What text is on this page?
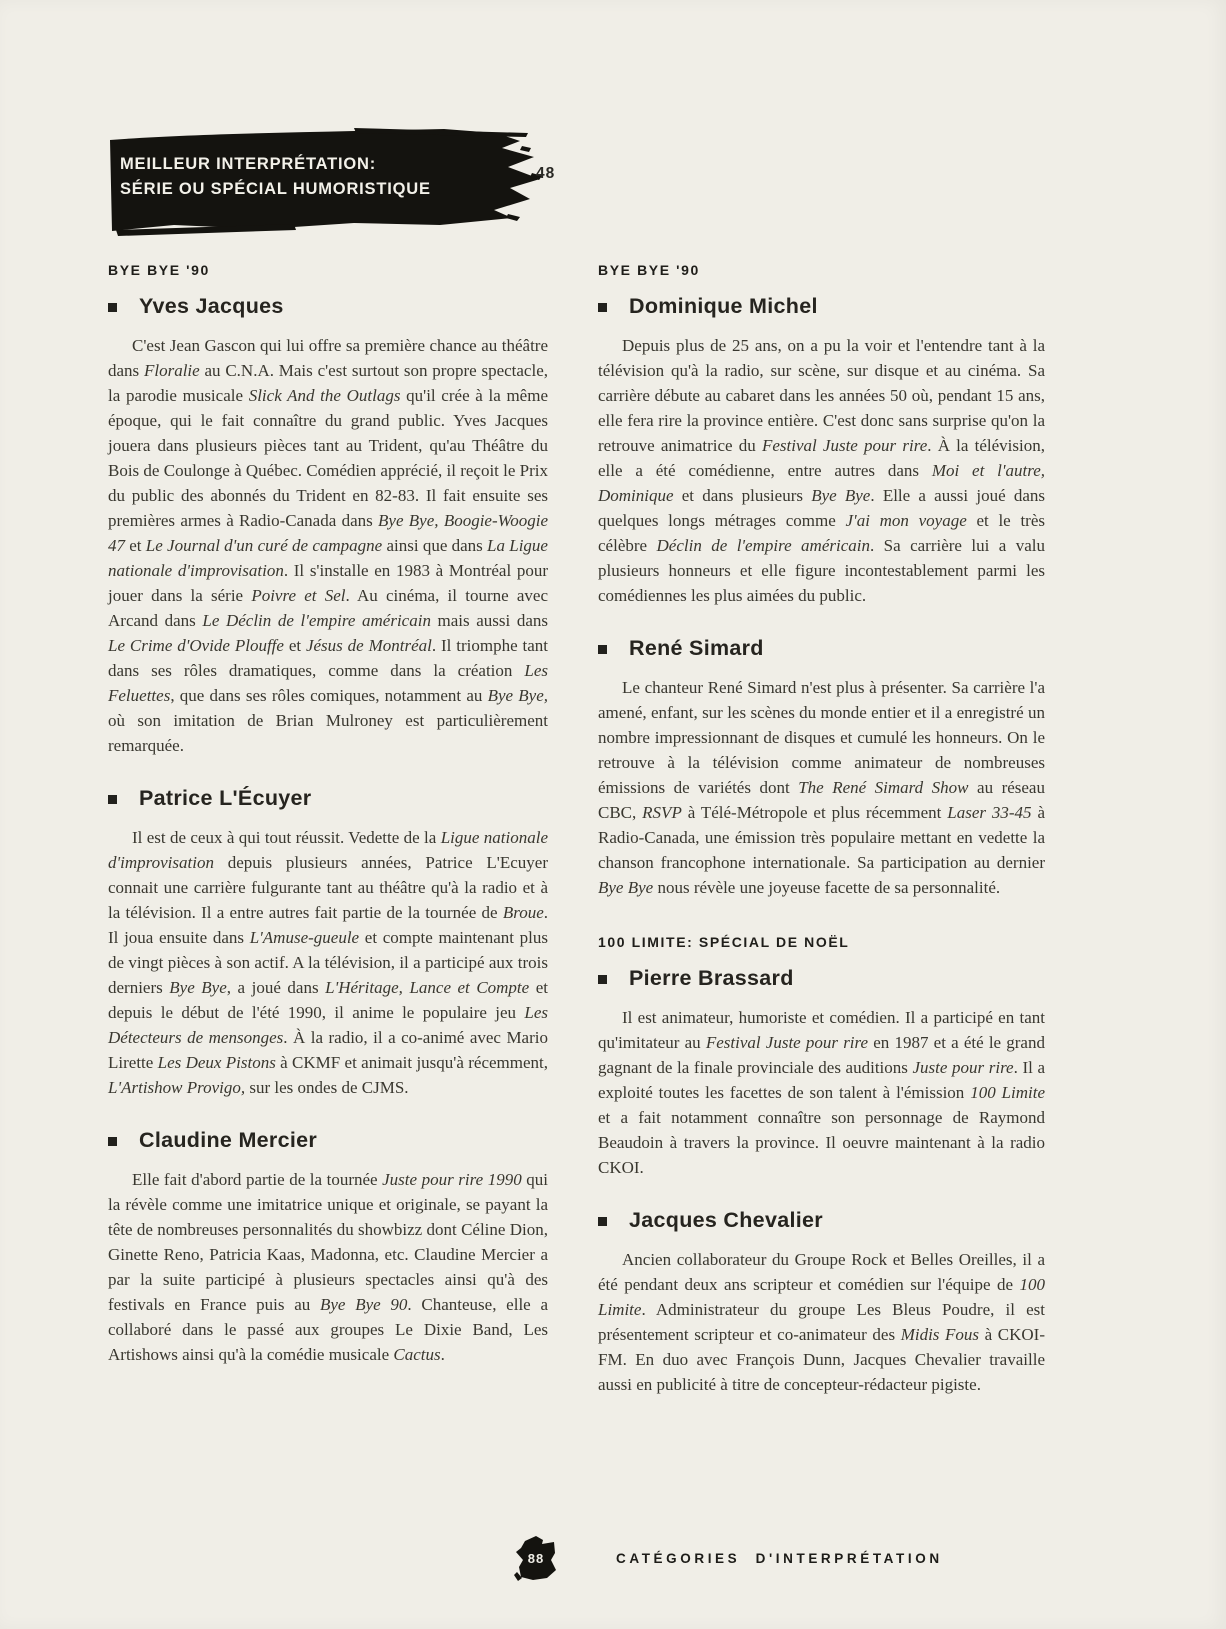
MEILLEUR INTERPRÉTATION:
SÉRIE OU SPÉCIAL HUMORISTIQUE
48
BYE BYE '90
Yves Jacques

C'est Jean Gascon qui lui offre sa première chance au théâtre dans Floralie au C.N.A. Mais c'est surtout son propre spectacle, la parodie musicale Slick And the Outlags qu'il crée à la même époque, qui le fait connaître du grand public. Yves Jacques jouera dans plusieurs pièces tant au Trident, qu'au Théâtre du Bois de Coulonge à Québec. Comédien apprécié, il reçoit le Prix du public des abonnés du Trident en 82-83. Il fait ensuite ses premières armes à Radio-Canada dans Bye Bye, Boogie-Woogie 47 et Le Journal d'un curé de campagne ainsi que dans La Ligue nationale d'improvisation. Il s'installe en 1983 à Montréal pour jouer dans la série Poivre et Sel. Au cinéma, il tourne avec Arcand dans Le Déclin de l'empire américain mais aussi dans Le Crime d'Ovide Plouffe et Jésus de Montréal. Il triomphe tant dans ses rôles dramatiques, comme dans la création Les Feluettes, que dans ses rôles comiques, notamment au Bye Bye, où son imitation de Brian Mulroney est particulièrement remarquée.

Patrice L'Écuyer

Il est de ceux à qui tout réussit. Vedette de la Ligue nationale d'improvisation depuis plusieurs années, Patrice L'Ecuyer connait une carrière fulgurante tant au théâtre qu'à la radio et à la télévision. Il a entre autres fait partie de la tournée de Broue. Il joua ensuite dans L'Amuse-gueule et compte maintenant plus de vingt pièces à son actif. A la télévision, il a participé aux trois derniers Bye Bye, a joué dans L'Héritage, Lance et Compte et depuis le début de l'été 1990, il anime le populaire jeu Les Détecteurs de mensonges. À la radio, il a co-animé avec Mario Lirette Les Deux Pistons à CKMF et animait jusqu'à récemment, L'Artishow Provigo, sur les ondes de CJMS.

Claudine Mercier

Elle fait d'abord partie de la tournée Juste pour rire 1990 qui la révèle comme une imitatrice unique et originale, se payant la tête de nombreuses personnalités du showbizz dont Céline Dion, Ginette Reno, Patricia Kaas, Madonna, etc. Claudine Mercier a par la suite participé à plusieurs spectacles ainsi qu'à des festivals en France puis au Bye Bye 90. Chanteuse, elle a collaboré dans le passé aux groupes Le Dixie Band, Les Artishows ainsi qu'à la comédie musicale Cactus.

BYE BYE '90
Dominique Michel

Depuis plus de 25 ans, on a pu la voir et l'entendre tant à la télévision qu'à la radio, sur scène, sur disque et au cinéma. Sa carrière débute au cabaret dans les années 50 où, pendant 15 ans, elle fera rire la province entière. C'est donc sans surprise qu'on la retrouve animatrice du Festival Juste pour rire. À la télévision, elle a été comédienne, entre autres dans Moi et l'autre, Dominique et dans plusieurs Bye Bye. Elle a aussi joué dans quelques longs métrages comme J'ai mon voyage et le très célèbre Déclin de l'empire américain. Sa carrière lui a valu plusieurs honneurs et elle figure incontestablement parmi les comédiennes les plus aimées du public.

René Simard

Le chanteur René Simard n'est plus à présenter. Sa carrière l'a amené, enfant, sur les scènes du monde entier et il a enregistré un nombre impressionnant de disques et cumulé les honneurs. On le retrouve à la télévision comme animateur de nombreuses émissions de variétés dont The René Simard Show au réseau CBC, RSVP à Télé-Métropole et plus récemment Laser 33-45 à Radio-Canada, une émission très populaire mettant en vedette la chanson francophone internationale. Sa participation au dernier Bye Bye nous révèle une joyeuse facette de sa personnalité.

100 LIMITE: SPÉCIAL DE NOËL
Pierre Brassard

Il est animateur, humoriste et comédien. Il a participé en tant qu'imitateur au Festival Juste pour rire en 1987 et a été le grand gagnant de la finale provinciale des auditions Juste pour rire. Il a exploité toutes les facettes de son talent à l'émission 100 Limite et a fait notamment connaître son personnage de Raymond Beaudoin à travers la province. Il oeuvre maintenant à la radio CKOI.

Jacques Chevalier

Ancien collaborateur du Groupe Rock et Belles Oreilles, il a été pendant deux ans scripteur et comédien sur l'équipe de 100 Limite. Administrateur du groupe Les Bleus Poudre, il est présentement scripteur et co-animateur des Midis Fous à CKOI-FM. En duo avec François Dunn, Jacques Chevalier travaille aussi en publicité à titre de concepteur-rédacteur pigiste.

88	CATÉGORIES D'INTERPRÉTATION
